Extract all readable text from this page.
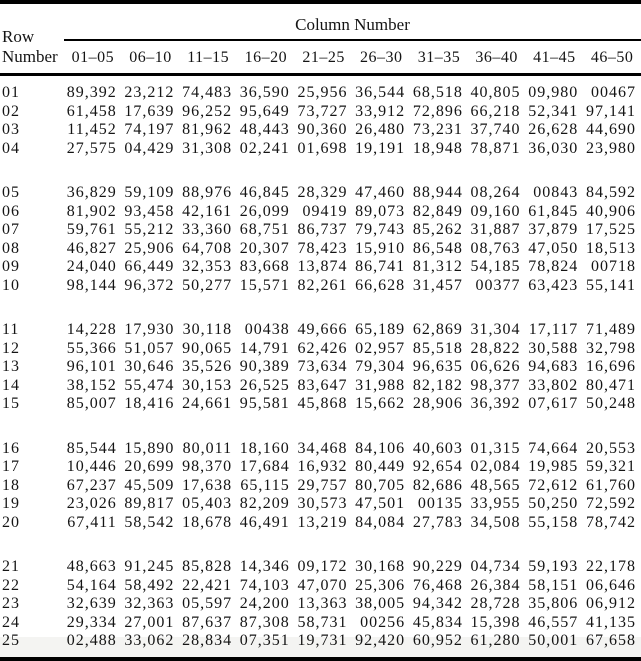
Row
Number	Column Number									
	01–05	06–10	11–15	16–20	21–25	26–30	31–35	36–40	41–45	46–50
01	89,392	23,212	74,483	36,590	25,956	36,544	68,518	40,805	09,980	00467
02	61,458	17,639	96,252	95,649	73,727	33,912	72,896	66,218	52,341	97,141
03	11,452	74,197	81,962	48,443	90,360	26,480	73,231	37,740	26,628	44,690
04	27,575	04,429	31,308	02,241	01,698	19,191	18,948	78,871	36,030	23,980
05	36,829	59,109	88,976	46,845	28,329	47,460	88,944	08,264	00843	84,592
06	81,902	93,458	42,161	26,099	09419	89,073	82,849	09,160	61,845	40,906
07	59,761	55,212	33,360	68,751	86,737	79,743	85,262	31,887	37,879	17,525
08	46,827	25,906	64,708	20,307	78,423	15,910	86,548	08,763	47,050	18,513
09	24,040	66,449	32,353	83,668	13,874	86,741	81,312	54,185	78,824	00718
10	98,144	96,372	50,277	15,571	82,261	66,628	31,457	00377	63,423	55,141
11	14,228	17,930	30,118	00438	49,666	65,189	62,869	31,304	17,117	71,489
12	55,366	51,057	90,065	14,791	62,426	02,957	85,518	28,822	30,588	32,798
13	96,101	30,646	35,526	90,389	73,634	79,304	96,635	06,626	94,683	16,696
14	38,152	55,474	30,153	26,525	83,647	31,988	82,182	98,377	33,802	80,471
15	85,007	18,416	24,661	95,581	45,868	15,662	28,906	36,392	07,617	50,248
16	85,544	15,890	80,011	18,160	34,468	84,106	40,603	01,315	74,664	20,553
17	10,446	20,699	98,370	17,684	16,932	80,449	92,654	02,084	19,985	59,321
18	67,237	45,509	17,638	65,115	29,757	80,705	82,686	48,565	72,612	61,760
19	23,026	89,817	05,403	82,209	30,573	47,501	00135	33,955	50,250	72,592
20	67,411	58,542	18,678	46,491	13,219	84,084	27,783	34,508	55,158	78,742
21	48,663	91,245	85,828	14,346	09,172	30,168	90,229	04,734	59,193	22,178
22	54,164	58,492	22,421	74,103	47,070	25,306	76,468	26,384	58,151	06,646
23	32,639	32,363	05,597	24,200	13,363	38,005	94,342	28,728	35,806	06,912
24	29,334	27,001	87,637	87,308	58,731	00256	45,834	15,398	46,557	41,135
25	02,488	33,062	28,834	07,351	19,731	92,420	60,952	61,280	50,001	67,658
